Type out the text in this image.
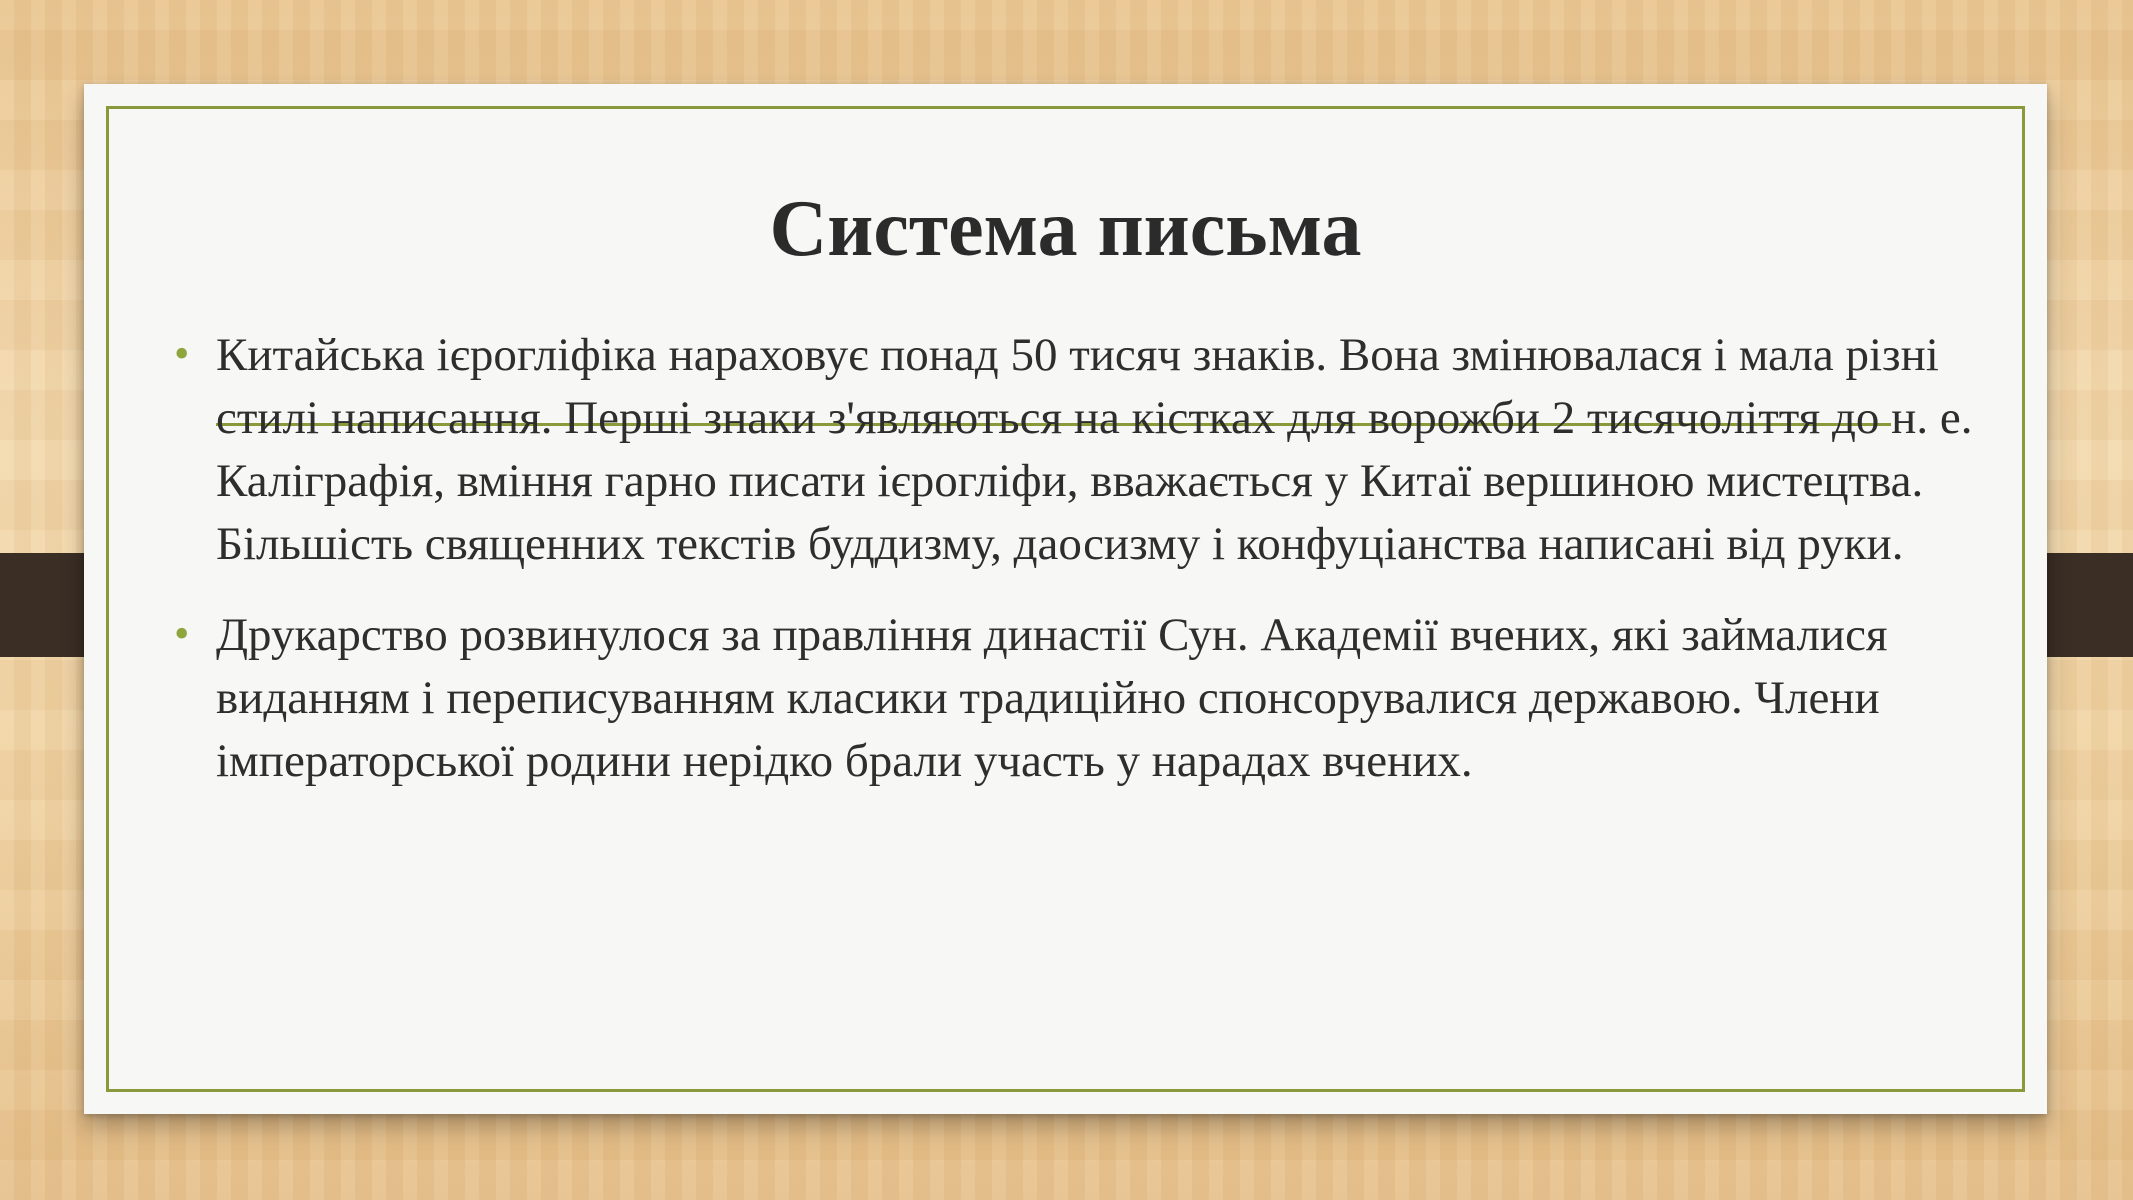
Система письма
• Китайська ієрогліфіка нараховує понад 50 тисяч знаків. Вона змінювалася і мала різні стилі написання. Перші знаки з'являються на кістках для ворожби 2 тисячоліття до н. е. Каліграфія, вміння гарно писати ієрогліфи, вважається у Китаї вершиною мистецтва. Більшість священних текстів буддизму, даосизму і конфуціанства написані від руки.
• Друкарство розвинулося за правління династії Сун. Академії вчених, які займалися виданням і переписуванням класики традиційно спонсорувалися державою. Члени імператорської родини нерідко брали участь у нарадах вчених.
